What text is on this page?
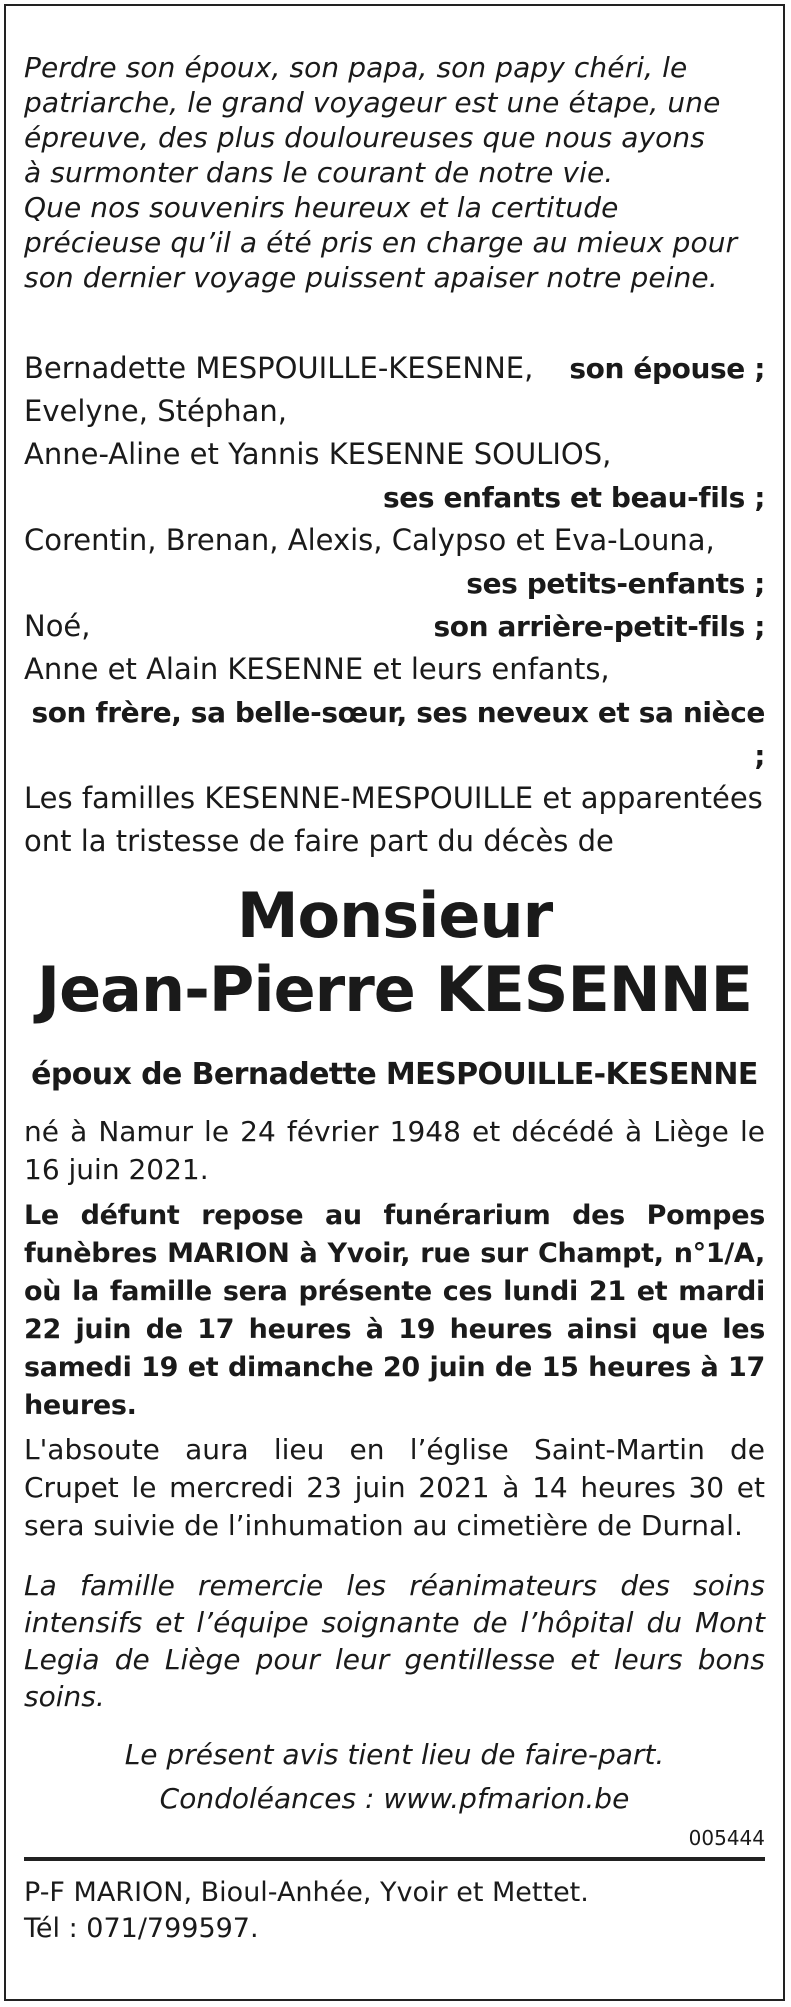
Perdre son époux, son papa, son papy chéri, le

patriarche, le grand voyageur est une étape, une

épreuve, des plus douloureuses que nous ayons

à surmonter dans le courant de notre vie.

Que nos souvenirs heureux et la certitude

précieuse qu’il a été pris en charge au mieux pour

son dernier voyage puissent apaiser notre peine.

Bernadette MESPOUILLE-KESENNE, son épouse ;

Evelyne, Stéphan,

Anne-Aline et Yannis KESENNE SOULIOS,

ses enfants et beau-fils ;

Corentin, Brenan, Alexis, Calypso et Eva-Louna,

ses petits-enfants ;

Noé,	son arrière-petit-fils ;

Anne et Alain KESENNE et leurs enfants,

son frère, sa belle-sœur, ses neveux et sa nièce ;

Les familles KESENNE-MESPOUILLE et apparentées

ont la tristesse de faire part du décès de

Monsieur

Jean-Pierre KESENNE

époux de Bernadette MESPOUILLE-KESENNE

né à Namur le 24 février 1948 et décédé à Liège le 16 juin 2021.

Le défunt repose au funérarium des Pompes funèbres MARION à Yvoir, rue sur Champt, n°1/A, où la famille sera présente ces lundi 21 et mardi 22 juin de 17 heures à 19 heures ainsi que les samedi 19 et dimanche 20 juin de 15 heures à 17 heures.

L'absoute aura lieu en l’église Saint-Martin de Crupet le mercredi 23 juin 2021 à 14 heures 30 et sera suivie de l’inhumation au cimetière de Durnal.

La famille remercie les réanimateurs des soins intensifs et l’équipe soignante de l’hôpital du Mont Legia de Liège pour leur gentillesse et leurs bons soins.

Le présent avis tient lieu de faire-part.

Condoléances : www.pfmarion.be

005444

P-F MARION, Bioul-Anhée, Yvoir et Mettet.

Tél : 071/799597.
